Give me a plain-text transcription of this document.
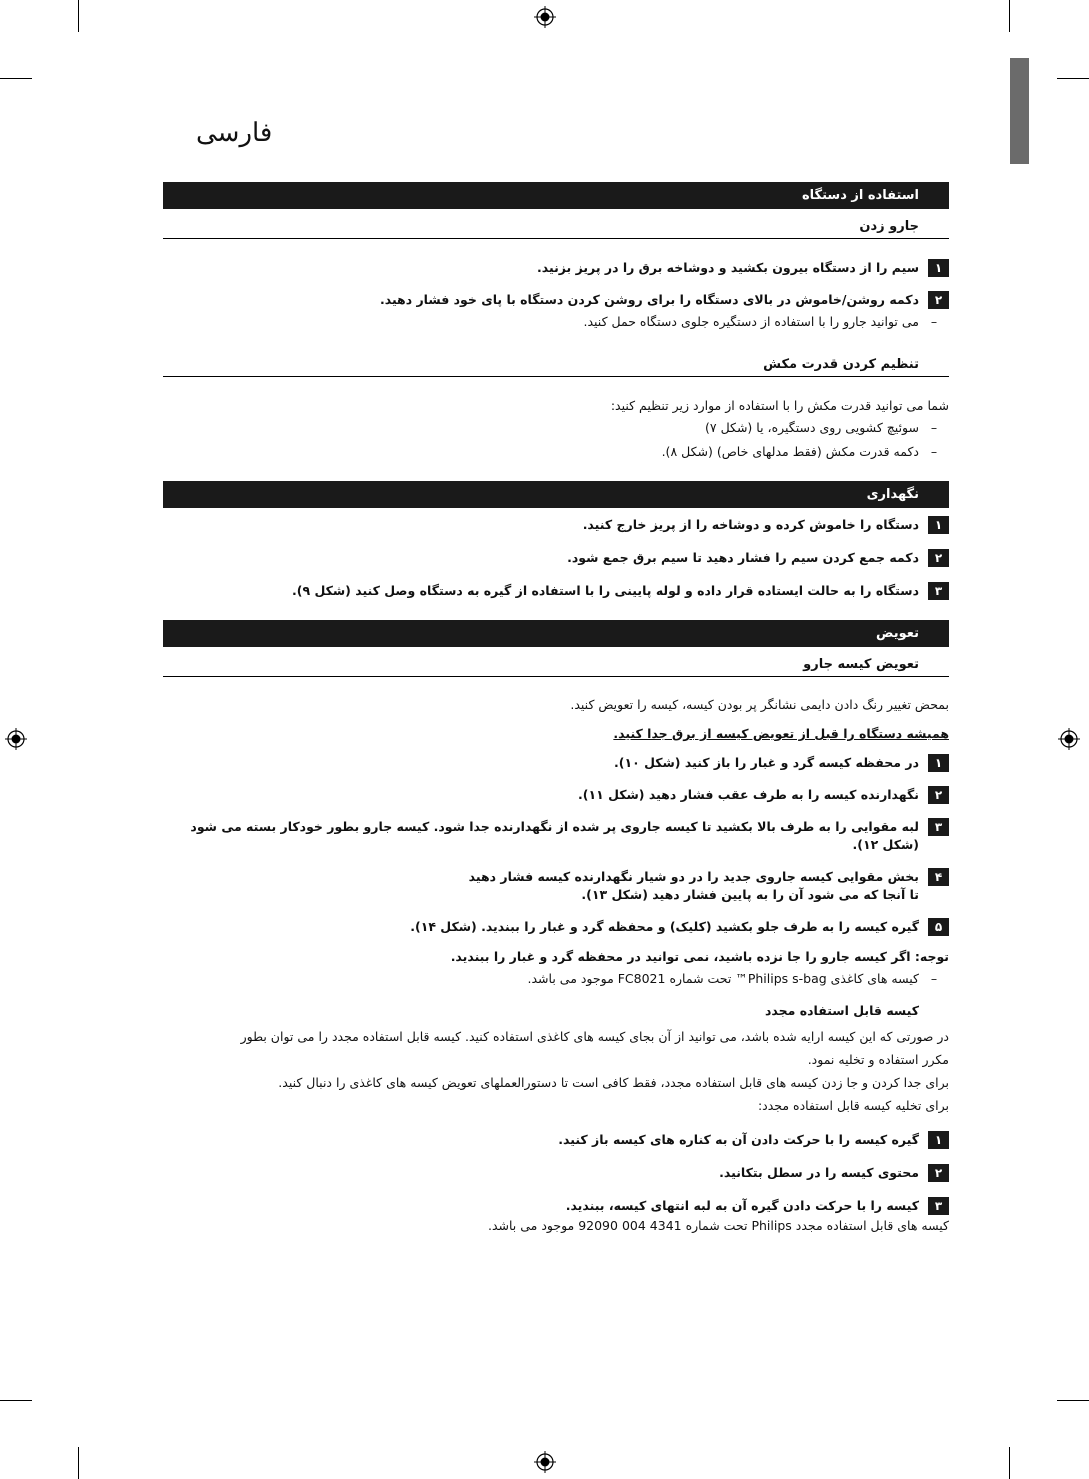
فارسی
استفاده از دستگاه
جارو زدن
۱
سیم را از دستگاه بیرون بکشید و دوشاخه برق را در پریز بزنید.
۲
دکمه روشن/خاموش در بالای دستگاه را برای روشن کردن دستگاه با پای خود فشار دهید.
–
می توانید جارو را با استفاده از دستگیره جلوی دستگاه حمل کنید.
تنظیم کردن قدرت مکش
شما می توانید قدرت مکش را با استفاده از موارد زیر تنظیم کنید:
–
سوئیچ کشویی روی دستگیره، یا (شکل ۷)
–
دکمه قدرت مکش (فقط مدلهای خاص) (شکل ۸).
نگهداری
۱
دستگاه را خاموش کرده و دوشاخه را از پریز خارج کنید.
۲
دکمه جمع کردن سیم را فشار دهید تا سیم برق جمع شود.
۳
دستگاه را به حالت ایستاده قرار داده و لوله پایینی را با استفاده از گیره به دستگاه وصل کنید (شکل ۹).
تعویض
تعویض کیسه جارو
بمحض تغییر رنگ دادن دایمی نشانگر پر بودن کیسه، کیسه را تعویض کنید.
همیشه دستگاه را قبل از تعویض کیسه از برق جدا کنید.
۱
در محفظه کیسه گرد و غبار را باز کنید (شکل ۱۰).
۲
نگهدارنده کیسه را به طرف عقب فشار دهید (شکل ۱۱).
۳
لبه مقوایی را به طرف بالا بکشید تا کیسه جاروی پر شده از نگهدارنده جدا شود. کیسه جارو بطور خودکار بسته می شود (شکل ۱۲).
۴
بخش مقوایی کیسه جاروی جدید را در دو شیار نگهدارنده کیسه فشار دهید
تا آنجا که می شود آن را به پایین فشار دهید (شکل ۱۳).
۵
گیره کیسه را به طرف جلو بکشید (کلیک) و محفظه گرد و غبار را ببندید. (شکل ۱۴).
توجه: اگر کیسه جارو را جا نزده باشید، نمی توانید در محفظه گرد و غبار را ببندید.
–
کیسه های کاغذی Philips s-bag™ تحت شماره FC8021 موجود می باشد.
کیسه قابل استفاده مجدد
در صورتی که این کیسه ارایه شده باشد، می توانید از آن بجای کیسه های کاغذی استفاده کنید. کیسه قابل استفاده مجدد را می توان بطور
مکرر استفاده و تخلیه نمود.
برای جدا کردن و جا زدن کیسه های قابل استفاده مجدد، فقط کافی است تا دستورالعملهای تعویض کیسه های کاغذی را دنبال کنید.
برای تخلیه کیسه قابل استفاده مجدد:
۱
گیره کیسه را با حرکت دادن آن به کناره های کیسه باز کنید.
۲
محتوی کیسه را در سطل بتکانید.
۳
کیسه را با حرکت دادن گیره آن به لبه انتهای کیسه، ببندید.
کیسه های قابل استفاده مجدد Philips تحت شماره 4341 004 92090 موجود می باشد.
